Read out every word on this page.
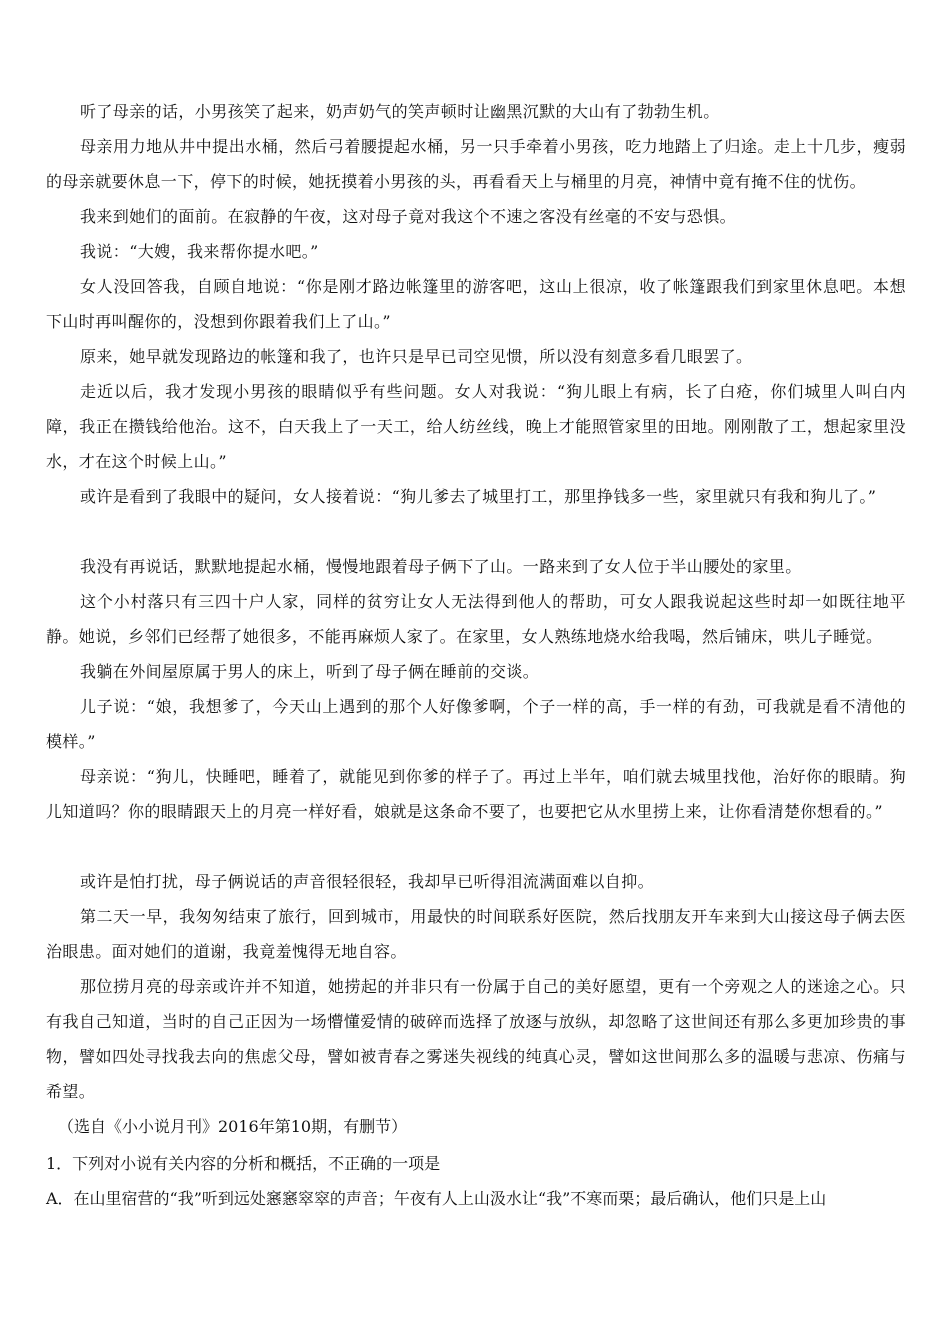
听了母亲的话，小男孩笑了起来，奶声奶气的笑声顿时让幽黑沉默的大山有了勃勃生机。

母亲用力地从井中提出水桶，然后弓着腰提起水桶，另一只手牵着小男孩，吃力地踏上了归途。走上十几步，瘦弱的母亲就要休息一下，停下的时候，她抚摸着小男孩的头，再看看天上与桶里的月亮，神情中竟有掩不住的忧伤。

我来到她们的面前。在寂静的午夜，这对母子竟对我这个不速之客没有丝毫的不安与恐惧。

我说：“大嫂，我来帮你提水吧。”

女人没回答我，自顾自地说：“你是刚才路边帐篷里的游客吧，这山上很凉，收了帐篷跟我们到家里休息吧。本想下山时再叫醒你的，没想到你跟着我们上了山。”

原来，她早就发现路边的帐篷和我了，也许只是早已司空见惯，所以没有刻意多看几眼罢了。

走近以后，我才发现小男孩的眼睛似乎有些问题。女人对我说：“狗儿眼上有病，长了白疮，你们城里人叫白内障，我正在攒钱给他治。这不，白天我上了一天工，给人纺丝线，晚上才能照管家里的田地。刚刚散了工，想起家里没水，才在这个时候上山。”

或许是看到了我眼中的疑问，女人接着说：“狗儿爹去了城里打工，那里挣钱多一些，家里就只有我和狗儿了。”

我没有再说话，默默地提起水桶，慢慢地跟着母子俩下了山。一路来到了女人位于半山腰处的家里。

这个小村落只有三四十户人家，同样的贫穷让女人无法得到他人的帮助，可女人跟我说起这些时却一如既往地平静。她说，乡邻们已经帮了她很多，不能再麻烦人家了。在家里，女人熟练地烧水给我喝，然后铺床，哄儿子睡觉。

我躺在外间屋原属于男人的床上，听到了母子俩在睡前的交谈。

儿子说：“娘，我想爹了，今天山上遇到的那个人好像爹啊，个子一样的高，手一样的有劲，可我就是看不清他的模样。”

母亲说：“狗儿，快睡吧，睡着了，就能见到你爹的样子了。再过上半年，咱们就去城里找他，治好你的眼睛。狗儿知道吗？你的眼睛跟天上的月亮一样好看，娘就是这条命不要了，也要把它从水里捞上来，让你看清楚你想看的。”

或许是怕打扰，母子俩说话的声音很轻很轻，我却早已听得泪流满面难以自抑。

第二天一早，我匆匆结束了旅行，回到城市，用最快的时间联系好医院，然后找朋友开车来到大山接这母子俩去医治眼患。面对她们的道谢，我竟羞愧得无地自容。

那位捞月亮的母亲或许并不知道，她捞起的并非只有一份属于自己的美好愿望，更有一个旁观之人的迷途之心。只有我自己知道，当时的自己正因为一场懵懂爱情的破碎而选择了放逐与放纵，却忽略了这世间还有那么多更加珍贵的事物，譬如四处寻找我去向的焦虑父母，譬如被青春之雾迷失视线的纯真心灵，譬如这世间那么多的温暖与悲凉、伤痛与希望。

（选自《小小说月刊》2016年第10期，有删节）

1．下列对小说有关内容的分析和概括，不正确的一项是

A．在山里宿营的“我”听到远处窸窸窣窣的声音；午夜有人上山汲水让“我”不寒而栗；最后确认，他们只是上山
